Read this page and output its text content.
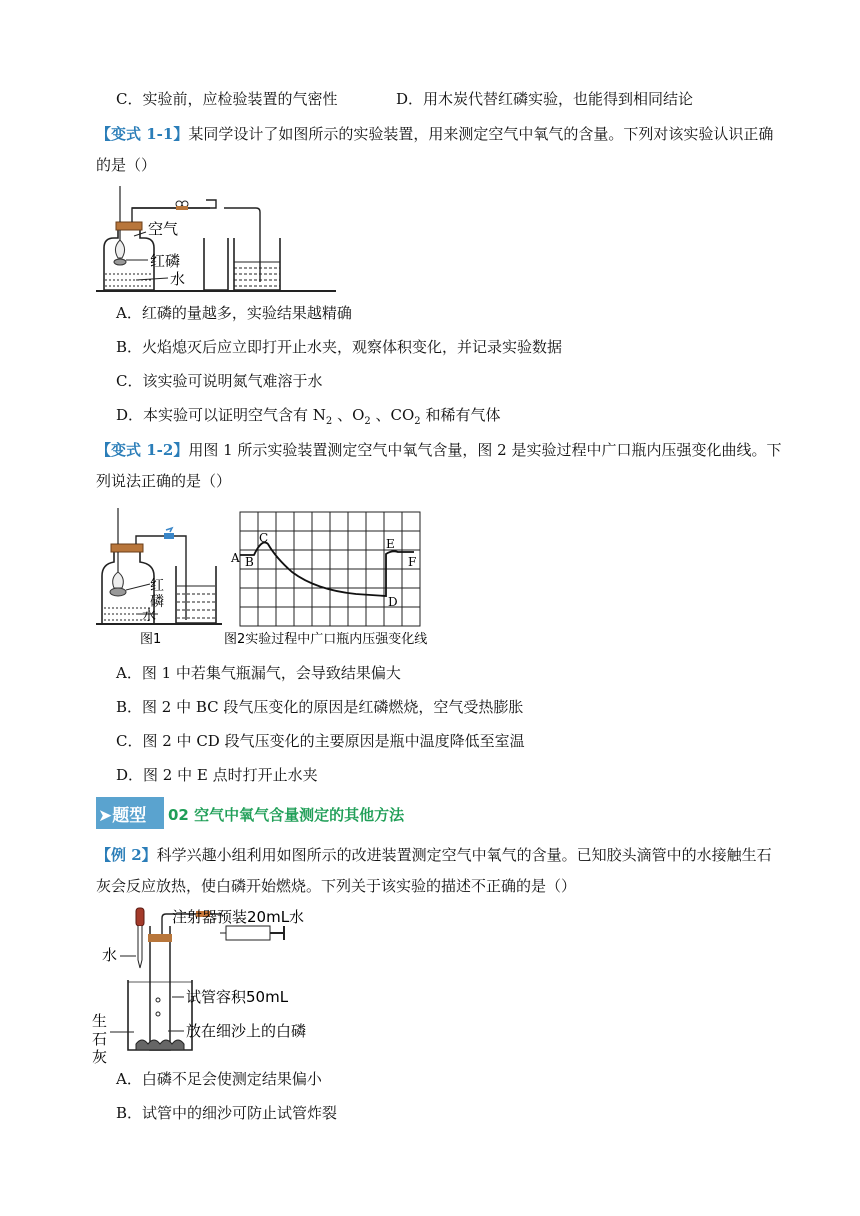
C．实验前，应检验装置的气密性	D．用木炭代替红磷实验，也能得到相同结论
【变式 1-1】某同学设计了如图所示的实验装置，用来测定空气中氧气的含量。下列对该实验认识正确
的是（）
空气
红磷
水
A．红磷的量越多，实验结果越精确
B．火焰熄灭后应立即打开止水夹，观察体积变化，并记录实验数据
C．该实验可说明氮气难溶于水
D．本实验可以证明空气含有 $N_2$ 、$O_2$ 、$CO_2$ 和稀有气体
【变式 1-2】用图 1 所示实验装置测定空气中氧气含量，图 2 是实验过程中广口瓶内压强变化曲线。下
列说法正确的是（）
红
磷
水
A B
C
D
E
F
图1	图2实验过程中广口瓶内压强变化线
A．图 1 中若集气瓶漏气，会导致结果偏大
B．图 2 中 BC 段气压变化的原因是红磷燃烧，空气受热膨胀
C．图 2 中 CD 段气压变化的主要原因是瓶中温度降低至室温
D．图 2 中 E 点时打开止水夹
➤题型 02 空气中氧气含量测定的其他方法
【例 2】科学兴趣小组利用如图所示的改进装置测定空气中氧气的含量。已知胶头滴管中的水接触生石
灰会反应放热，使白磷开始燃烧。下列关于该实验的描述不正确的是（）
水
注射器预装20mL水
试管容积50mL
放在细沙上的白磷
生
石
灰
A．白磷不足会使测定结果偏小
B．试管中的细沙可防止试管炸裂
